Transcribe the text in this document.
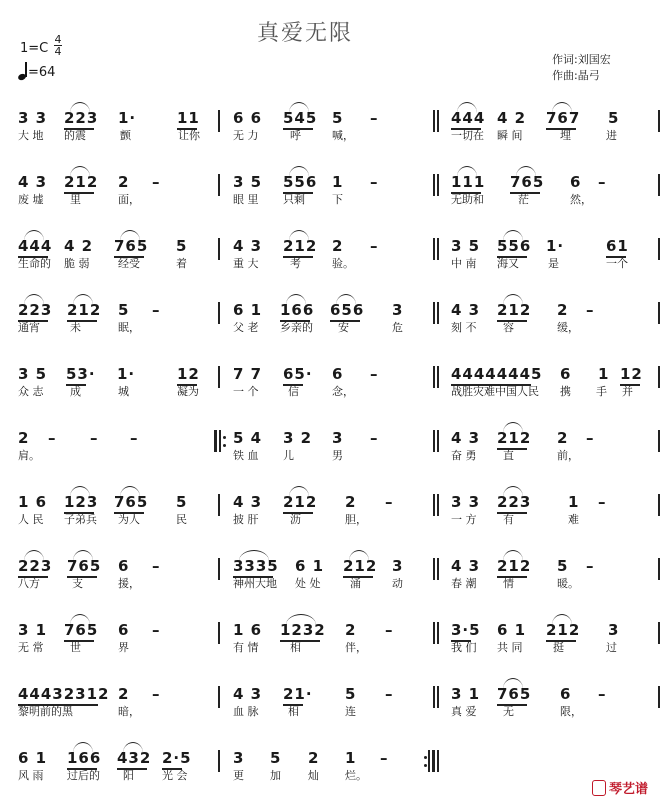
真爱无限
1=C
4
4
=64
作词:刘国宏
作曲:晶弓
3 3 223 1·	11 6 6 545 5 –	444 4 2 767 5
大 地 的震	颤	让你	无 力	呼	喊，	一切在 瞬 间	埋	进
4 3 212 2 –	3 5 556 1 –	111 765 6 –
废 墟 里	面，	眼 里 只剩 下	无助和	茫	然，
444 4 2 765 5	4 3 212 2 –	3 5 556 1·	61
生命的 脆 弱	经受	着	重 大	考	验。	中 南 海又	是	一个
223 212 5 –	6 1 166 656 3	4 3 212 2 –
通宵	未	眠，	父 老 乡亲的 安	危	刻 不 容	缓，
3 5 53· 1·	12 7 7 65· 6 –	44444445 6 1 12
众 志 成	城	凝为	一 个	信	念，	战胜灾难中国人民 携 手 并
2 – – –	5 4 3 2 3 –	4 3 212 2 –
肩。	铁 血 儿	男	奋 勇 直	前，
1 6 123 765 5	4 3 212 2 –	3 3 223 1 –
人 民 子弟兵 为人	民	披 肝	沥	胆，	一 方 有	难
223 765 6 –	3335 6 1 212 3	4 3 212 5 –
八方	支	援，	神州大地 处 处	涌	动	春 潮 情	暖。
3 1 765 6 –	1 6 1232 2 –	3·5 6 1 212 3
无 常 世	界	有 情	相	伴，	我 们 共 同	挺	过
44432312 2 –	4 3 21· 5 –	3 1 765 6 –
黎明前的黑	暗，	血 脉	相	连	真 爱 无	限，
6 1 166 432 2·5	3 5 2 1 –
风 雨 过后的 阳	光 会	更 加 灿 烂。
琴艺谱
